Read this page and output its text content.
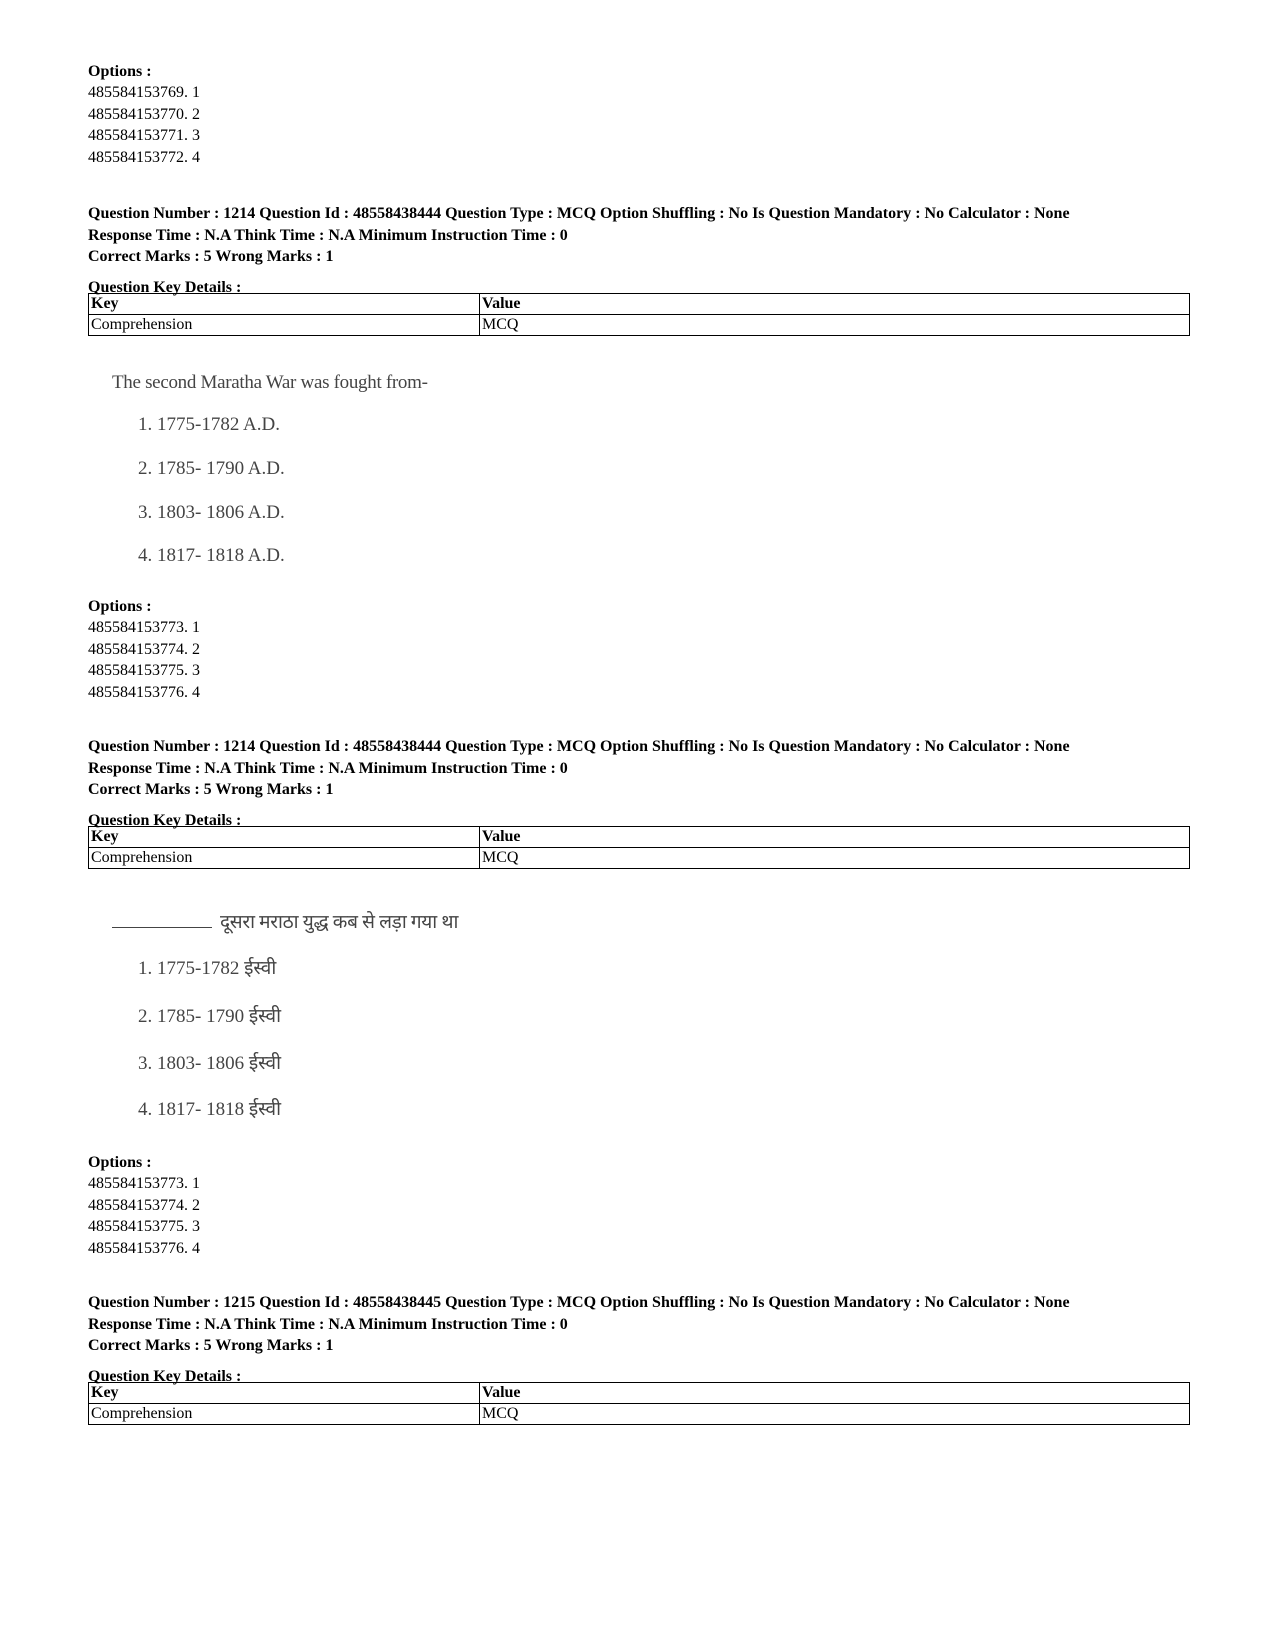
Options :
485584153769. 1
485584153770. 2
485584153771. 3
485584153772. 4
Question Number : 1214 Question Id : 48558438444 Question Type : MCQ Option Shuffling : No Is Question Mandatory : No Calculator : None
Response Time : N.A Think Time : N.A Minimum Instruction Time : 0
Correct Marks : 5 Wrong Marks : 1
Question Key Details :
Key	Value
Comprehension	MCQ
The second Maratha War was fought from-
1. 1775-1782 A.D.
2. 1785- 1790 A.D.
3. 1803- 1806 A.D.
4. 1817- 1818 A.D.
Options :
485584153773. 1
485584153774. 2
485584153775. 3
485584153776. 4
Question Number : 1214 Question Id : 48558438444 Question Type : MCQ Option Shuffling : No Is Question Mandatory : No Calculator : None
Response Time : N.A Think Time : N.A Minimum Instruction Time : 0
Correct Marks : 5 Wrong Marks : 1
Question Key Details :
Key	Value
Comprehension	MCQ
दूसरा मराठा युद्ध कब से लड़ा गया था
1. 1775-1782 ईस्वी
2. 1785- 1790 ईस्वी
3. 1803- 1806 ईस्वी
4. 1817- 1818 ईस्वी
Options :
485584153773. 1
485584153774. 2
485584153775. 3
485584153776. 4
Question Number : 1215 Question Id : 48558438445 Question Type : MCQ Option Shuffling : No Is Question Mandatory : No Calculator : None
Response Time : N.A Think Time : N.A Minimum Instruction Time : 0
Correct Marks : 5 Wrong Marks : 1
Question Key Details :
Key	Value
Comprehension	MCQ
